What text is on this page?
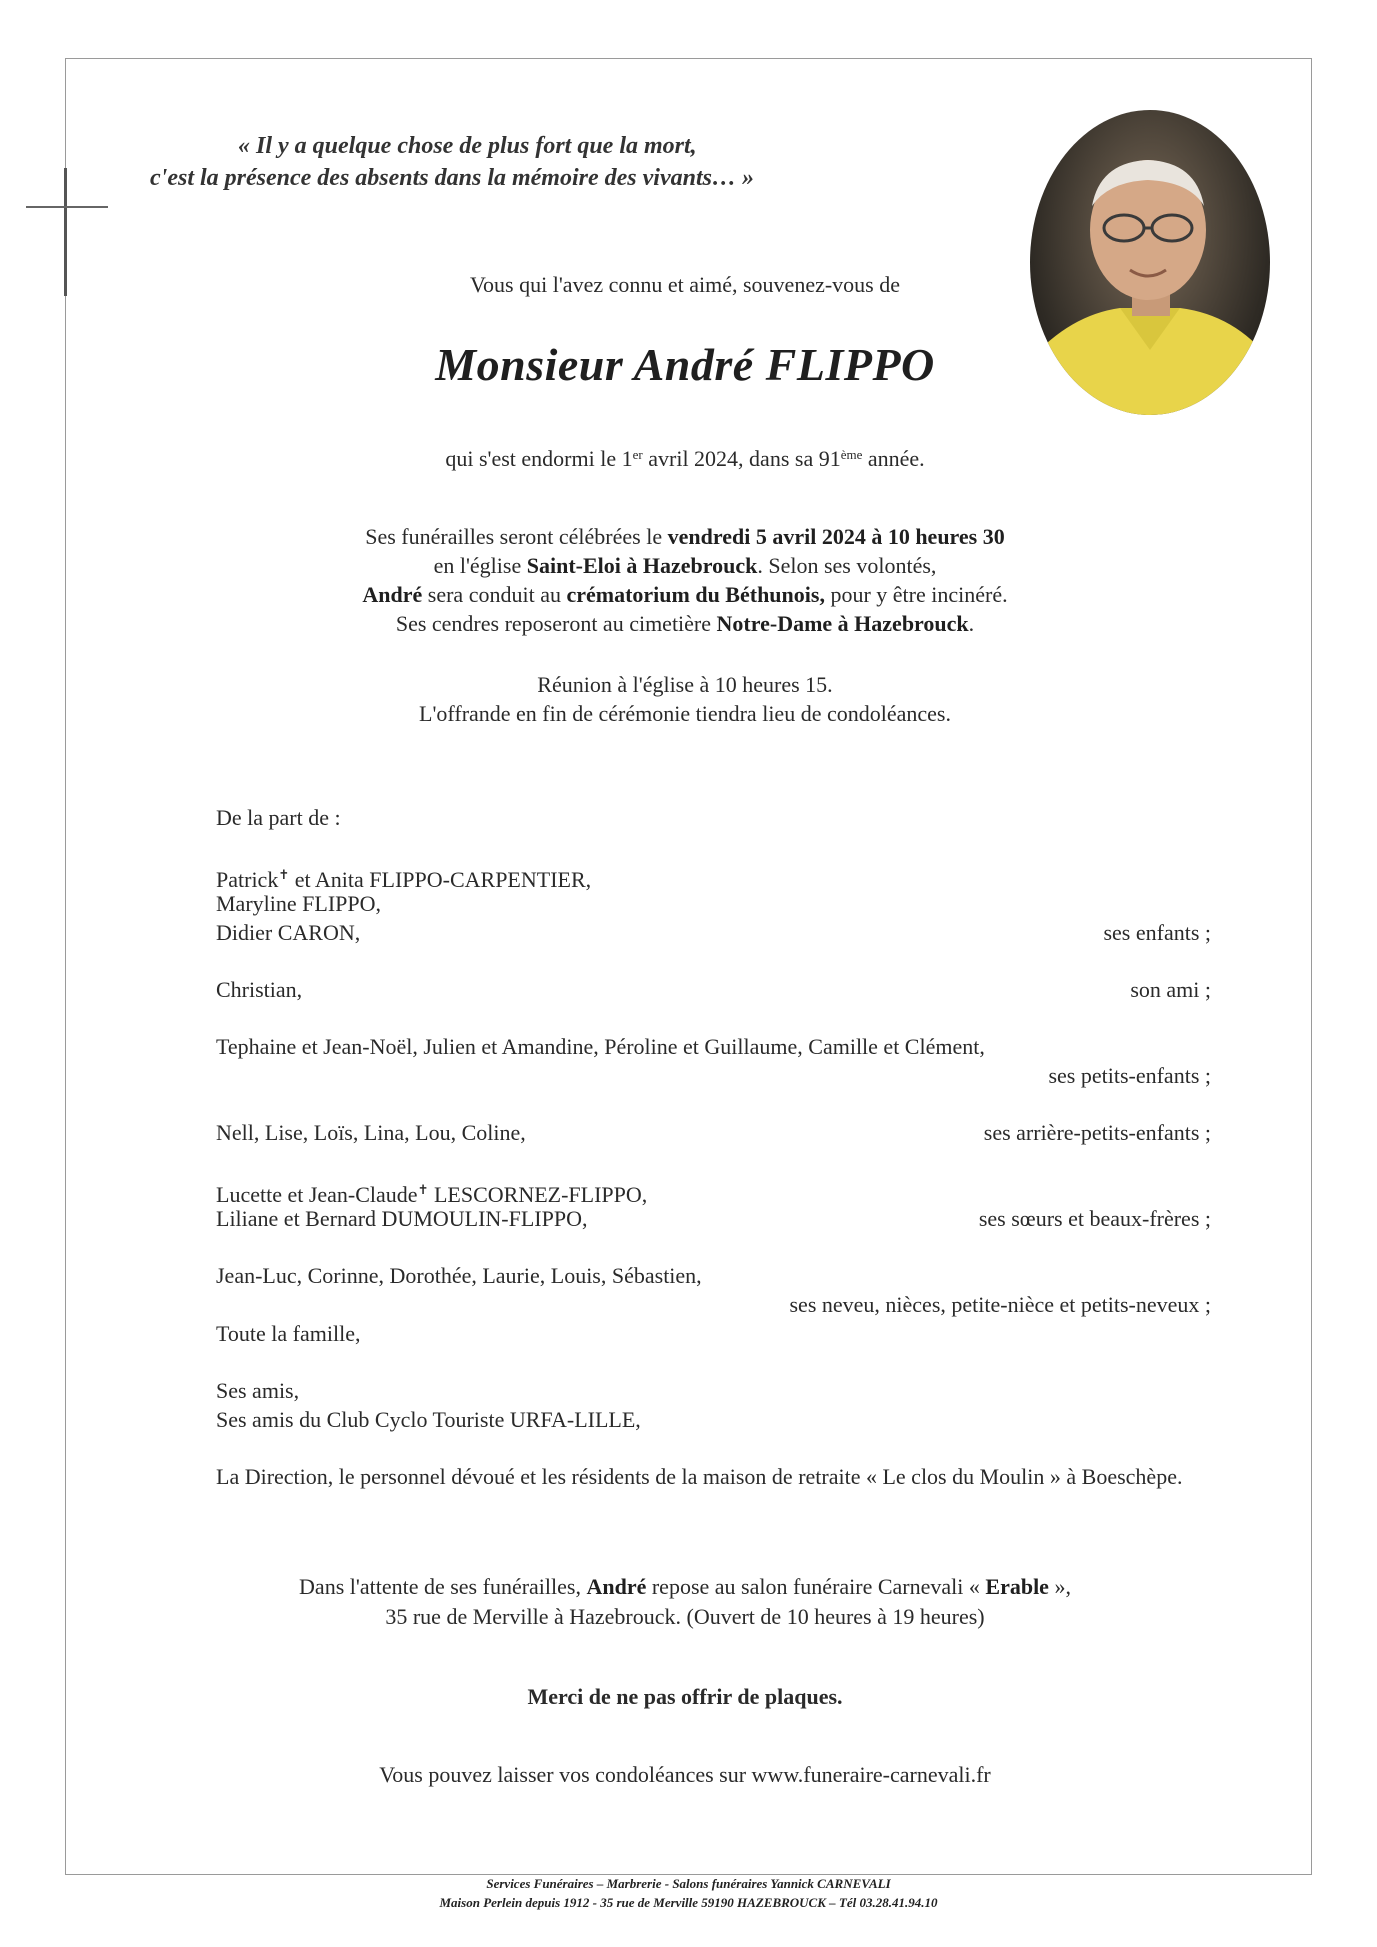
« Il y a quelque chose de plus fort que la mort,
c'est la présence des absents dans la mémoire des vivants… »
Vous qui l'avez connu et aimé, souvenez-vous de
Monsieur André FLIPPO
qui s'est endormi le 1er avril 2024, dans sa 91ème année.
Ses funérailles seront célébrées le vendredi 5 avril 2024 à 10 heures 30
en l'église Saint-Eloi à Hazebrouck. Selon ses volontés,
André sera conduit au crématorium du Béthunois, pour y être incinéré.
Ses cendres reposeront au cimetière Notre-Dame à Hazebrouck.
Réunion à l'église à 10 heures 15.
L'offrande en fin de cérémonie tiendra lieu de condoléances.
De la part de :
Patrick✝ et Anita FLIPPO-CARPENTIER,
Maryline FLIPPO,
Didier CARON,	ses enfants ;
Christian,	son ami ;
Tephaine et Jean-Noël, Julien et Amandine, Péroline et Guillaume, Camille et Clément,
ses petits-enfants ;
Nell, Lise, Loïs, Lina, Lou, Coline,	ses arrière-petits-enfants ;
Lucette et Jean-Claude✝ LESCORNEZ-FLIPPO,
Liliane et Bernard DUMOULIN-FLIPPO,	ses sœurs et beaux-frères ;
Jean-Luc, Corinne, Dorothée, Laurie, Louis, Sébastien,
ses neveu, nièces, petite-nièce et petits-neveux ;
Toute la famille,
Ses amis,
Ses amis du Club Cyclo Touriste URFA-LILLE,
La Direction, le personnel dévoué et les résidents de la maison de retraite « Le clos du Moulin » à Boeschèpe.
Dans l'attente de ses funérailles, André repose au salon funéraire Carnevali « Erable »,
35 rue de Merville à Hazebrouck. (Ouvert de 10 heures à 19 heures)
Merci de ne pas offrir de plaques.
Vous pouvez laisser vos condoléances sur www.funeraire-carnevali.fr
Services Funéraires – Marbrerie - Salons funéraires Yannick CARNEVALI
Maison Perlein depuis 1912 - 35 rue de Merville 59190 HAZEBROUCK – Tél 03.28.41.94.10
